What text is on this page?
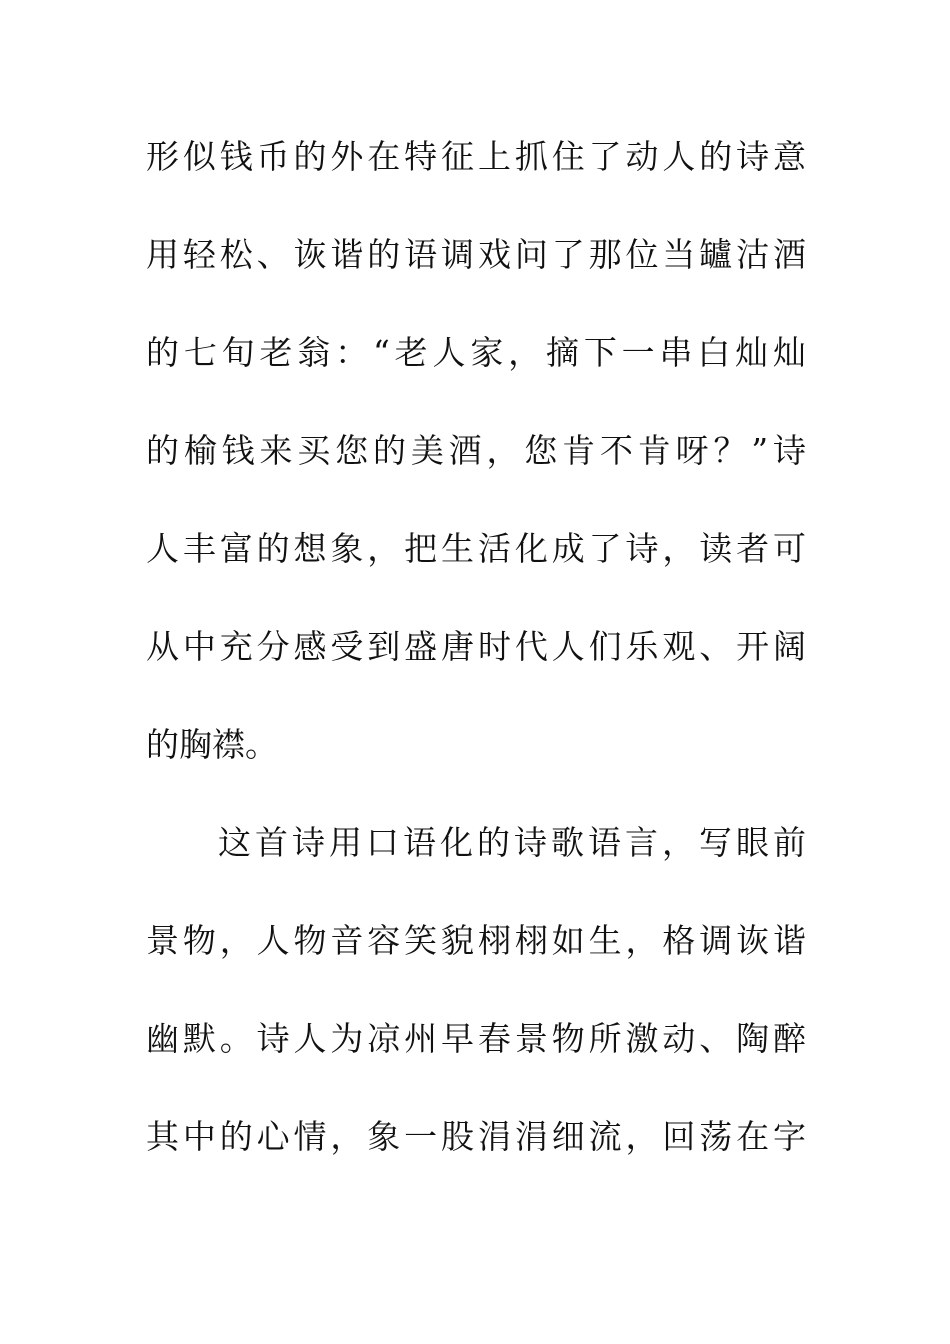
形似钱币的外在特征上抓住了动人的诗意
用轻松、诙谐的语调戏问了那位当罏沽酒
的七旬老翁：“老人家，摘下一串白灿灿
的榆钱来买您的美酒，您肯不肯呀？”诗
人丰富的想象，把生活化成了诗，读者可
从中充分感受到盛唐时代人们乐观、开阔
的胸襟。
这首诗用口语化的诗歌语言，写眼前
景物，人物音容笑貌栩栩如生，格调诙谐
幽默。诗人为凉州早春景物所激动、陶醉
其中的心情，象一股涓涓细流，回荡在字
